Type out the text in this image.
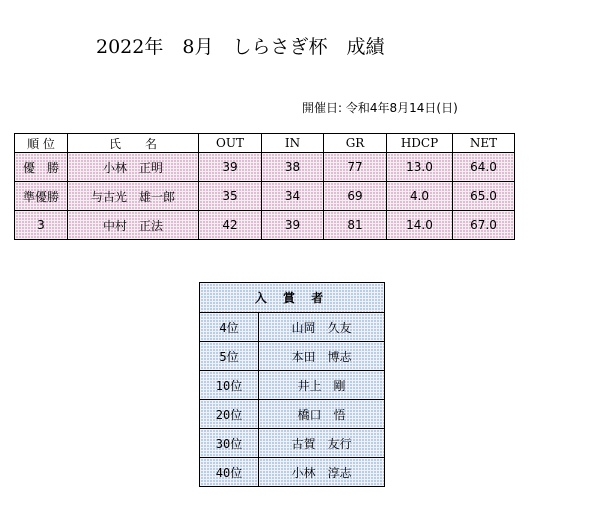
2022年　8月　しらさぎ杯　成績
開催日: 令和4年8月14日(日)
順 位	氏　　名	OUT	IN	GR	HDCP	NET
優　勝	小林　正明	39	38	77	13.0	64.0
準優勝	与古光　雄一郎	35	34	69	4.0	65.0
3	中村　正法	42	39	81	14.0	67.0
入 賞 者	
4位	山岡　久友
5位	本田　博志
10位	井上　剛
20位	橋口　悟
30位	古賀　友行
40位	小林　淳志
